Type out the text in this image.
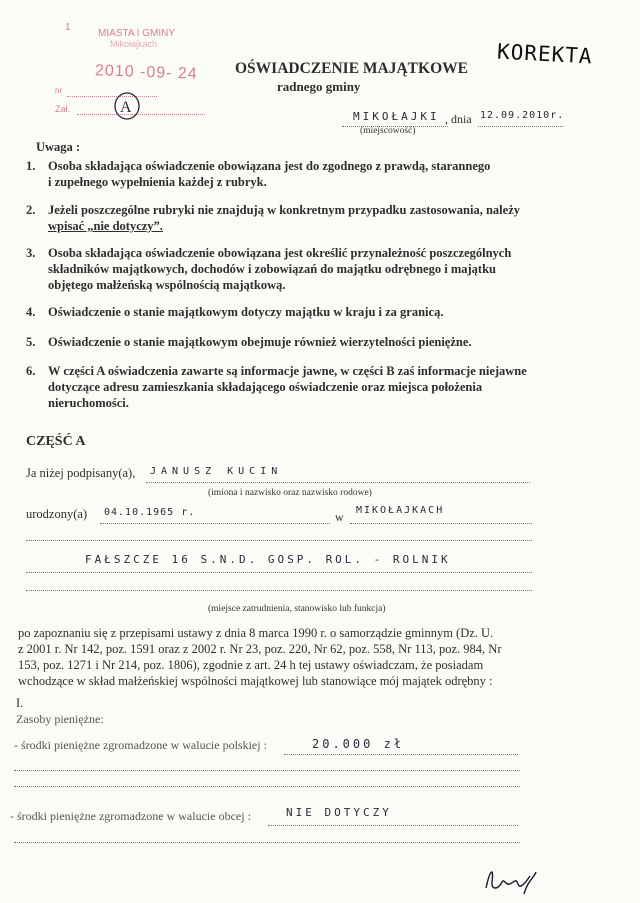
1
MIASTA I GMINY
Mikołajkach
2010 -09- 24
nr
Zał.	A
KOREKTA
OŚWIADCZENIE MAJĄTKOWE
radnego gminy
MIKOŁAJKI , dnia 12.09.2010r.
(miejscowość)
Uwaga :
1. Osoba składająca oświadczenie obowiązana jest do zgodnego z prawdą, starannego

i zupełnego wypełnienia każdej z rubryk.

2. Jeżeli poszczególne rubryki nie znajdują w konkretnym przypadku zastosowania, należy

wpisać „nie dotyczy”.

3. Osoba składająca oświadczenie obowiązana jest określić przynależność poszczególnych

składników majątkowych, dochodów i zobowiązań do majątku odrębnego i majątku

objętego małżeńską wspólnością majątkową.

4. Oświadczenie o stanie majątkowym dotyczy majątku w kraju i za granicą.

5. Oświadczenie o stanie majątkowym obejmuje również wierzytelności pieniężne.

6. W części A oświadczenia zawarte są informacje jawne, w części B zaś informacje niejawne

dotyczące adresu zamieszkania składającego oświadczenie oraz miejsca położenia

nieruchomości.

CZĘŚĆ A
Ja niżej podpisany(a), JANUSZ KUCIN
(imiona i nazwisko oraz nazwisko rodowe)
urodzony(a) 04.10.1965 r.	w MIKOŁAJKACH
FAŁSZCZE 16 S.N.D. GOSP. ROL. - ROLNIK
(miejsce zatrudnienia, stanowisko lub funkcja)

po zapoznaniu się z przepisami ustawy z dnia 8 marca 1990 r. o samorządzie gminnym (Dz. U.

z 2001 r. Nr 142, poz. 1591 oraz z 2002 r. Nr 23, poz. 220, Nr 62, poz. 558, Nr 113, poz. 984, Nr

153, poz. 1271 i Nr 214, poz. 1806), zgodnie z art. 24 h tej ustawy oświadczam, że posiadam

wchodzące w skład małżeńskiej wspólności majątkowej lub stanowiące mój majątek odrębny :

I.
Zasoby pieniężne:
- środki pieniężne zgromadzone w walucie polskiej :	20.000 zł
- środki pieniężne zgromadzone w walucie obcej :	NIE DOTYCZY
